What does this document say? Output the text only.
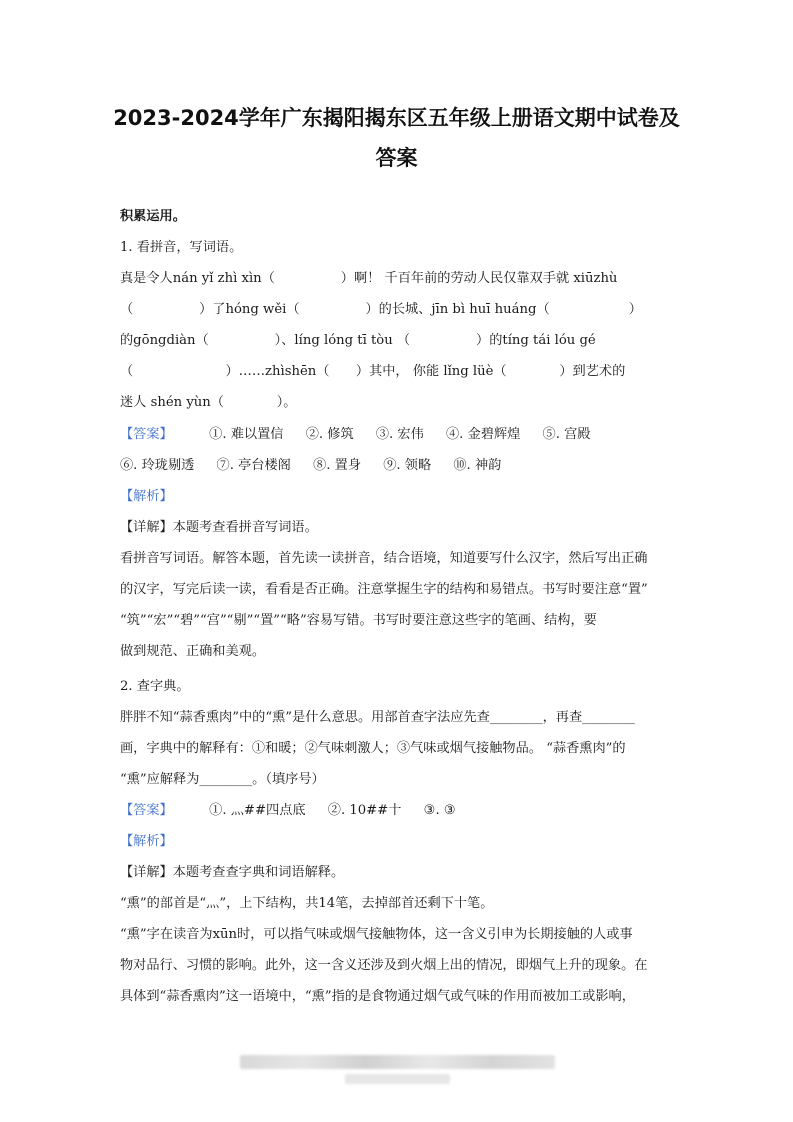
2023-2024学年广东揭阳揭东区五年级上册语文期中试卷及
答案
积累运用。
1. 看拼音，写词语。
真是令人nán yǐ zhì xìn（　　　　　）啊！ 千百年前的劳动人民仅靠双手就 xiūzhù
（　　　　　）了hóng wěi（　　　　　）的长城、jīn bì huī huáng（　　　　　　）
的gōngdiàn（　　　　　）、líng lóng tī tòu （　　　　　）的tíng tái lóu gé
（　　　　　　　）……zhìshēn（　　）其中， 你能 lǐng lüè（　　　　）到艺术的
迷人 shén yùn（　　　　）。
【答案】	①. 难以置信 ②. 修筑 ③. 宏伟 ④. 金碧辉煌 ⑤. 宫殿
⑥. 玲珑剔透 ⑦. 亭台楼阁 ⑧. 置身 ⑨. 领略 ⑩. 神韵
【解析】
【详解】本题考查看拼音写词语。
看拼音写词语。解答本题，首先读一读拼音，结合语境，知道要写什么汉字，然后写出正确
的汉字，写完后读一读，看看是否正确。注意掌握生字的结构和易错点。书写时要注意“置”
“筑”“宏”“碧”“宫”“剔”“置”“略”容易写错。书写时要注意这些字的笔画、结构，要
做到规范、正确和美观。
2. 查字典。
胖胖不知“蒜香熏肉”中的“熏”是什么意思。用部首查字法应先查________，再查________
画，字典中的解释有：①和暖；②气味刺激人；③气味或烟气接触物品。 “蒜香熏肉”的
“熏”应解释为________。（填序号）
【答案】	①. 灬##四点底 ②. 10##十 ③. ③
【解析】
【详解】本题考查查字典和词语解释。
“熏”的部首是“灬”，上下结构，共14笔，去掉部首还剩下十笔。
“熏”字在读音为xūn时，可以指气味或烟气接触物体，这一含义引申为长期接触的人或事
物对品行、习惯的影响。此外，这一含义还涉及到火烟上出的情况，即烟气上升的现象。在
具体到“蒜香熏肉”这一语境中，“熏”指的是食物通过烟气或气味的作用而被加工或影响，
